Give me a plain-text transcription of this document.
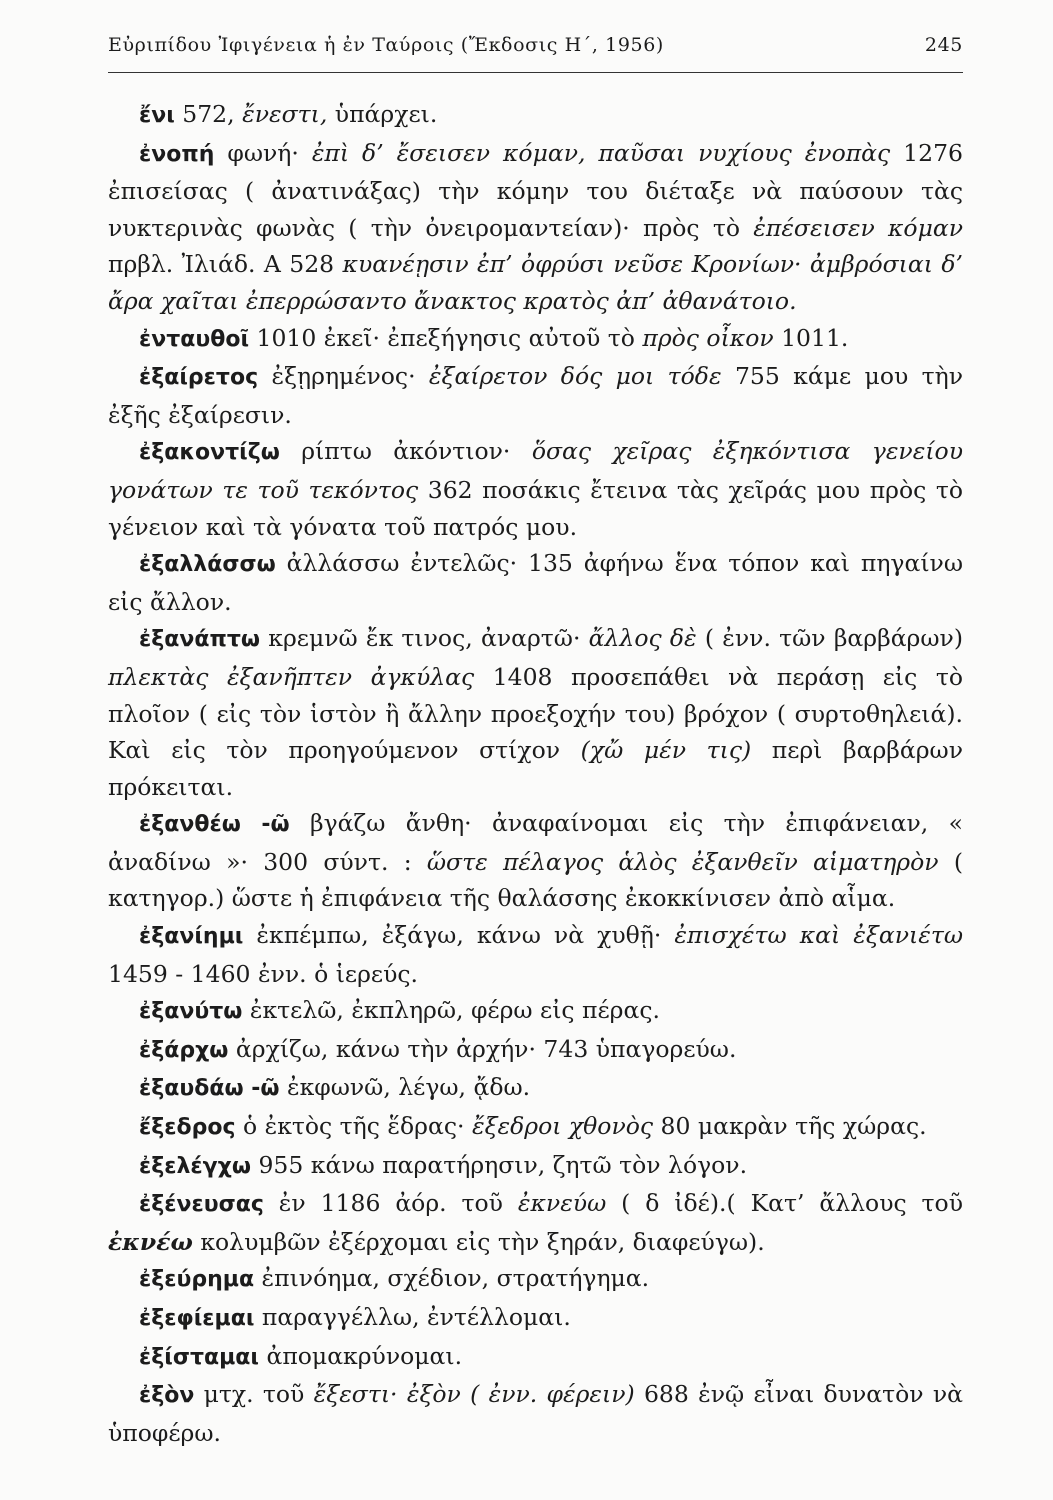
Εὐριπίδου Ἰφιγένεια ἡ ἐν Ταύροις (Ἔκδοσις Η΄, 1956)	245

ἔνι 572, ἔνεστι, ὑπάρχει.

ἐνοπή φωνή· ἐπὶ δ’ ἔσεισεν κόμαν, παῦσαι νυχίους ἐνοπὰς 1276 ἐπισείσας ( ἀνατινάξας) τὴν κόμην του διέταξε νὰ παύσουν τὰς νυκτερινὰς φωνὰς ( τὴν ὀνειρομαντείαν)· πρὸς τὸ ἐπέσεισεν κόμαν πρβλ. Ἰλιάδ. Α 528 κυανέῃσιν ἐπ’ ὀφρύσι νεῦσε Κρονίων· ἀμβρόσιαι δ’ ἄρα χαῖται ἐπερρώσαντο ἄνακτος κρατὸς ἀπ’ ἀθανάτοιο.

ἐνταυθοῖ 1010 ἐκεῖ· ἐπεξήγησις αὐτοῦ τὸ πρὸς οἶκον 1011.

ἐξαίρετος ἐξῃρημένος· ἐξαίρετον δός μοι τόδε 755 κάμε μου τὴν ἐξῆς ἐξαίρεσιν.

ἐξακοντίζω ρίπτω ἀκόντιον· ὅσας χεῖρας ἐξηκόντισα γενείου γονάτων τε τοῦ τεκόντος 362 ποσάκις ἔτεινα τὰς χεῖράς μου πρὸς τὸ γένειον καὶ τὰ γόνατα τοῦ πατρός μου.

ἐξαλλάσσω ἀλλάσσω ἐντελῶς· 135 ἀφήνω ἕνα τόπον καὶ πηγαίνω εἰς ἄλλον.

ἐξανάπτω κρεμνῶ ἔκ τινος, ἀναρτῶ· ἄλλος δὲ ( ἐνν. τῶν βαρβάρων) πλεκτὰς ἐξανῆπτεν ἀγκύλας 1408 προσεπάθει νὰ περάσῃ εἰς τὸ πλοῖον ( εἰς τὸν ἱστὸν ἢ ἄλλην προεξοχήν του) βρόχον ( συρτοθηλειά). Καὶ εἰς τὸν προηγούμενον στίχον (χὤ μέν τις) περὶ βαρβάρων πρόκειται.

ἐξανθέω -ῶ βγάζω ἄνθη· ἀναφαίνομαι εἰς τὴν ἐπιφάνειαν, « ἀναδίνω »· 300 σύντ. : ὥστε πέλαγος ἁλὸς ἐξανθεῖν αἱματηρὸν ( κατηγορ.) ὥστε ἡ ἐπιφάνεια τῆς θαλάσσης ἐκοκκίνισεν ἀπὸ αἷμα.

ἐξανίημι ἐκπέμπω, ἐξάγω, κάνω νὰ χυθῇ· ἐπισχέτω καὶ ἐξανιέτω 1459 - 1460 ἐνν. ὁ ἱερεύς.

ἐξανύτω ἐκτελῶ, ἐκπληρῶ, φέρω εἰς πέρας.

ἐξάρχω ἀρχίζω, κάνω τὴν ἀρχήν· 743 ὑπαγορεύω.

ἐξαυδάω -ῶ ἐκφωνῶ, λέγω, ᾄδω.

ἔξεδρος ὁ ἐκτὸς τῆς ἕδρας· ἔξεδροι χθονὸς 80 μακρὰν τῆς χώρας.

ἐξελέγχω 955 κάνω παρατήρησιν, ζητῶ τὸν λόγον.

ἐξένευσας ἐν 1186 ἀόρ. τοῦ ἐκνεύω ( δ ἰδέ).( Κατ’ ἄλλους τοῦ ἐκνέω κολυμβῶν ἐξέρχομαι εἰς τὴν ξηράν, διαφεύγω).

ἐξεύρημα ἐπινόημα, σχέδιον, στρατήγημα.

ἐξεφίεμαι παραγγέλλω, ἐντέλλομαι.

ἐξίσταμαι ἀπομακρύνομαι.

ἐξὸν μτχ. τοῦ ἔξεστι· ἐξὸν ( ἐνν. φέρειν) 688 ἐνῷ εἶναι δυνατὸν νὰ ὑποφέρω.
